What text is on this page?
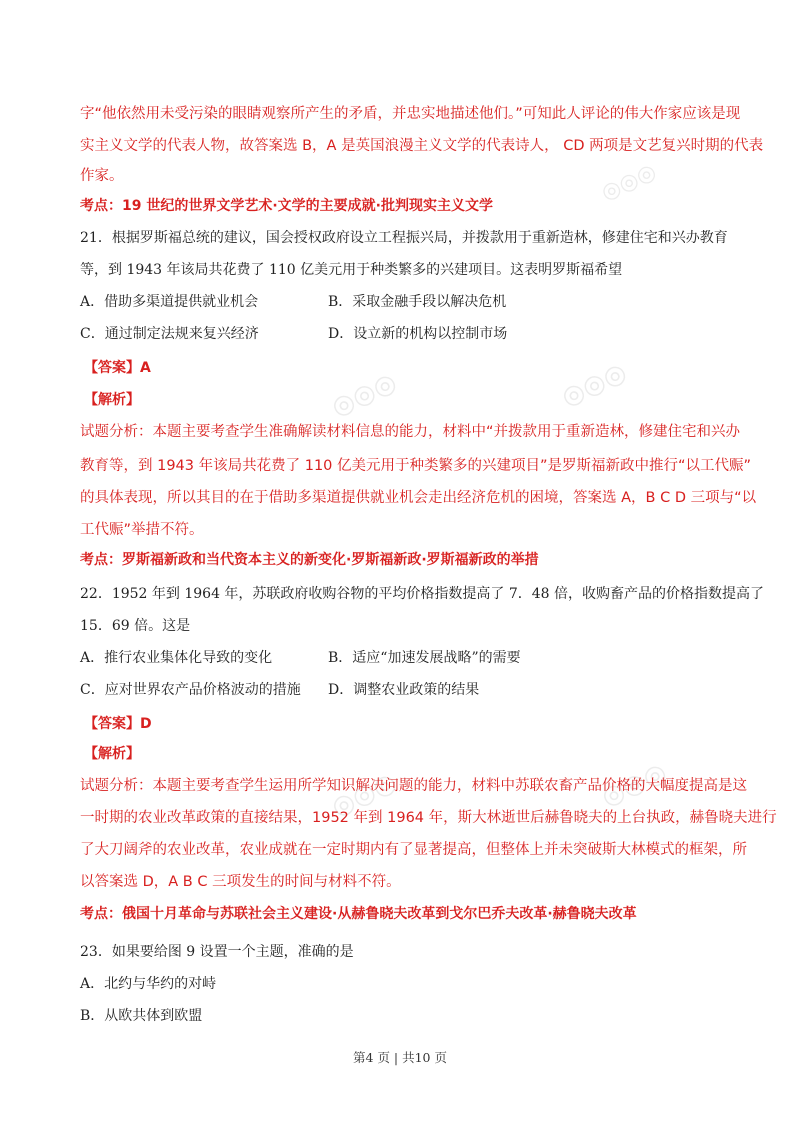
◎◎◎
◎◎◎	◎◎◎
◎◎◎	◎◎◎
字“他依然用未受污染的眼睛观察所产生的矛盾，并忠实地描述他们。”可知此人评论的伟大作家应该是现
实主义文学的代表人物，故答案选 B，A 是英国浪漫主义文学的代表诗人， CD 两项是文艺复兴时期的代表
作家。
考点：19 世纪的世界文学艺术·文学的主要成就·批判现实主义文学
21．根据罗斯福总统的建议，国会授权政府设立工程振兴局，并拨款用于重新造林，修建住宅和兴办教育
等，到 1943 年该局共花费了 110 亿美元用于种类繁多的兴建项目。这表明罗斯福希望
A．借助多渠道提供就业机会	B．采取金融手段以解决危机
C．通过制定法规来复兴经济	D．设立新的机构以控制市场
【答案】A
【解析】
试题分析：本题主要考查学生准确解读材料信息的能力，材料中“并拨款用于重新造林，修建住宅和兴办
教育等，到 1943 年该局共花费了 110 亿美元用于种类繁多的兴建项目”是罗斯福新政中推行“以工代赈”
的具体表现，所以其目的在于借助多渠道提供就业机会走出经济危机的困境，答案选 A，B C D 三项与“以
工代赈”举措不符。
考点：罗斯福新政和当代资本主义的新变化·罗斯福新政·罗斯福新政的举措
22．1952 年到 1964 年，苏联政府收购谷物的平均价格指数提高了 7．48 倍，收购畜产品的价格指数提高了
15．69 倍。这是
A．推行农业集体化导致的变化	B．适应“加速发展战略”的需要
C．应对世界农产品价格波动的措施 D．调整农业政策的结果
【答案】D
【解析】
试题分析：本题主要考查学生运用所学知识解决问题的能力，材料中苏联农畜产品价格的大幅度提高是这
一时期的农业改革政策的直接结果，1952 年到 1964 年，斯大林逝世后赫鲁晓夫的上台执政，赫鲁晓夫进行
了大刀阔斧的农业改革，农业成就在一定时期内有了显著提高，但整体上并未突破斯大林模式的框架，所
以答案选 D，A B C 三项发生的时间与材料不符。
考点：俄国十月革命与苏联社会主义建设·从赫鲁晓夫改革到戈尔巴乔夫改革·赫鲁晓夫改革
23．如果要给图 9 设置一个主题，准确的是
A．北约与华约的对峙
B．从欧共体到欧盟
第4 页 | 共10 页
